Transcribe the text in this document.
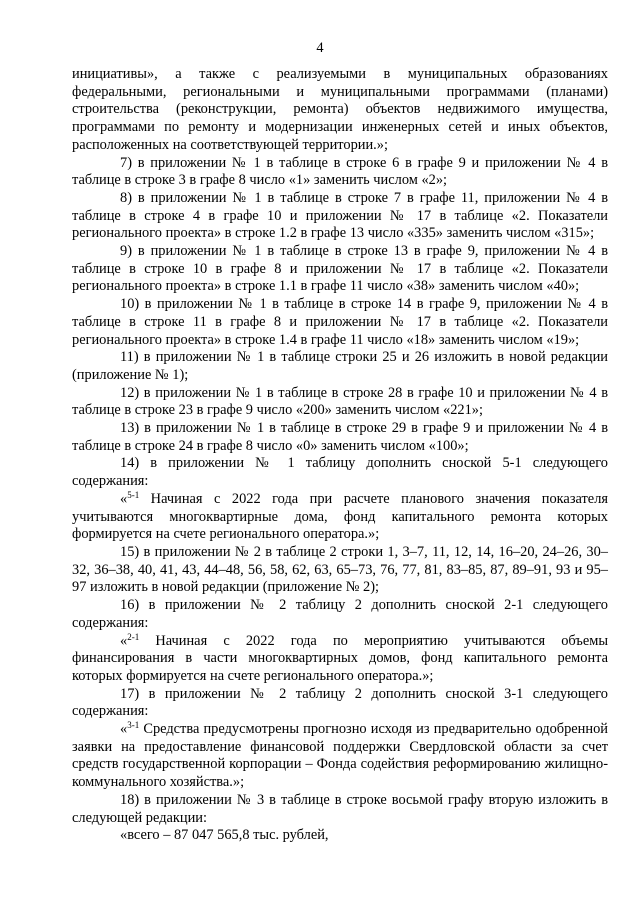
4

инициативы», а также с реализуемыми в муниципальных образованиях федеральными, региональными и муниципальными программами (планами) строительства (реконструкции, ремонта) объектов недвижимого имущества, программами по ремонту и модернизации инженерных сетей и иных объектов, расположенных на соответствующей территории.»;

7) в приложении № 1 в таблице в строке 6 в графе 9 и приложении № 4 в таблице в строке 3 в графе 8 число «1» заменить числом «2»;

8) в приложении № 1 в таблице в строке 7 в графе 11, приложении № 4 в таблице в строке 4 в графе 10 и приложении № 17 в таблице «2. Показатели регионального проекта» в строке 1.2 в графе 13 число «335» заменить числом «315»;

9) в приложении № 1 в таблице в строке 13 в графе 9, приложении № 4 в таблице в строке 10 в графе 8 и приложении № 17 в таблице «2. Показатели регионального проекта» в строке 1.1 в графе 11 число «38» заменить числом «40»;

10) в приложении № 1 в таблице в строке 14 в графе 9, приложении № 4 в таблице в строке 11 в графе 8 и приложении № 17 в таблице «2. Показатели регионального проекта» в строке 1.4 в графе 11 число «18» заменить числом «19»;

11) в приложении № 1 в таблице строки 25 и 26 изложить в новой редакции (приложение № 1);

12) в приложении № 1 в таблице в строке 28 в графе 10 и приложении № 4 в таблице в строке 23 в графе 9 число «200» заменить числом «221»;

13) в приложении № 1 в таблице в строке 29 в графе 9 и приложении № 4 в таблице в строке 24 в графе 8 число «0» заменить числом «100»;

14) в приложении № 1 таблицу дополнить сноской 5-1 следующего содержания:

«$^{5-1}$ Начиная с 2022 года при расчете планового значения показателя учитываются многоквартирные дома, фонд капитального ремонта которых формируется на счете регионального оператора.»;

15) в приложении № 2 в таблице 2 строки 1, 3–7, 11, 12, 14, 16–20, 24–26, 30–32, 36–38, 40, 41, 43, 44–48, 56, 58, 62, 63, 65–73, 76, 77, 81, 83–85, 87, 89–91, 93 и 95–97 изложить в новой редакции (приложение № 2);

16) в приложении № 2 таблицу 2 дополнить сноской 2-1 следующего содержания:

«$^{2-1}$ Начиная с 2022 года по мероприятию учитываются объемы финансирования в части многоквартирных домов, фонд капитального ремонта которых формируется на счете регионального оператора.»;

17) в приложении № 2 таблицу 2 дополнить сноской 3-1 следующего содержания:

«$^{3-1}$ Средства предусмотрены прогнозно исходя из предварительно одобренной заявки на предоставление финансовой поддержки Свердловской области за счет средств государственной корпорации – Фонда содействия реформированию жилищно-коммунального хозяйства.»;

18) в приложении № 3 в таблице в строке восьмой графу вторую изложить в следующей редакции:

«всего – 87 047 565,8 тыс. рублей,
